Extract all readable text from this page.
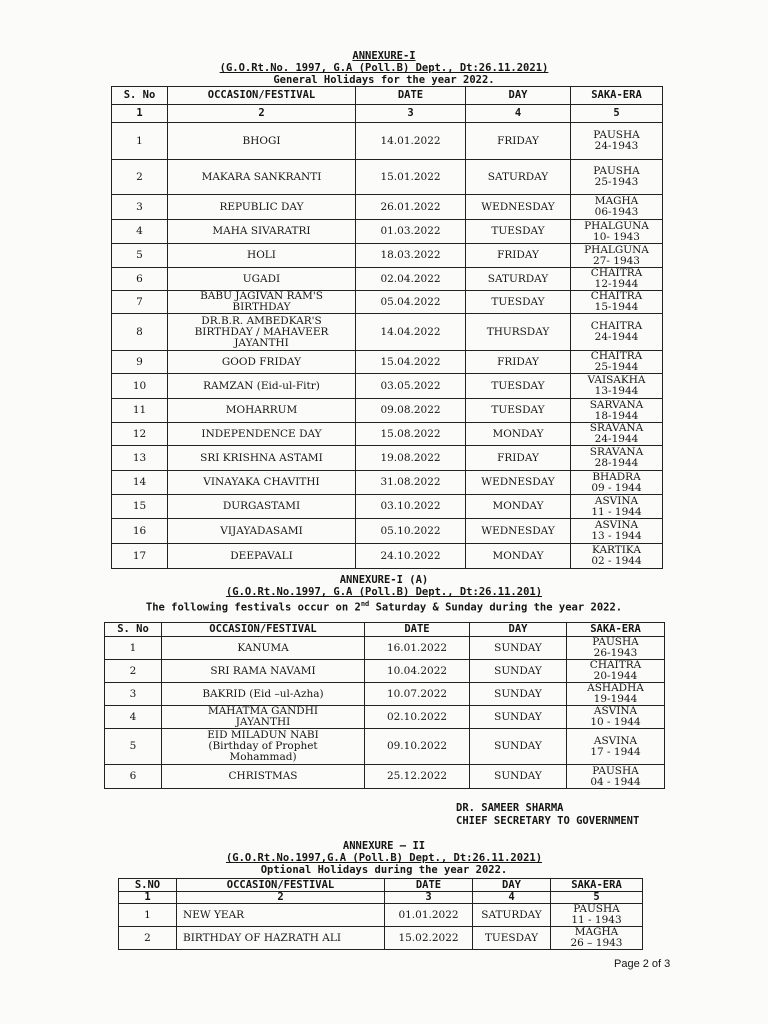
ANNEXURE-I
(G.O.Rt.No. 1997, G.A (Poll.B) Dept., Dt:26.11.2021)
General Holidays for the year 2022.
S. No	OCCASION/FESTIVAL	DATE	DAY	SAKA-ERA
1	2	3	4	5
1	BHOGI	14.01.2022	FRIDAY	PAUSHA
24-1943
2	MAKARA SANKRANTI	15.01.2022	SATURDAY	PAUSHA
25-1943
3	REPUBLIC DAY	26.01.2022	WEDNESDAY	MAGHA
06-1943
4	MAHA SIVARATRI	01.03.2022	TUESDAY	PHALGUNA
10- 1943
5	HOLI	18.03.2022	FRIDAY	PHALGUNA
27- 1943
6	UGADI	02.04.2022	SATURDAY	CHAITRA
12-1944
7	BABU JAGIVAN RAM'S
BIRTHDAY	05.04.2022	TUESDAY	CHAITRA
15-1944
8	DR.B.R. AMBEDKAR'S
BIRTHDAY / MAHAVEER
JAYANTHI	14.04.2022	THURSDAY	CHAITRA
24-1944
9	GOOD FRIDAY	15.04.2022	FRIDAY	CHAITRA
25-1944
10	RAMZAN (Eid-ul-Fitr)	03.05.2022	TUESDAY	VAISAKHA
13-1944
11	MOHARRUM	09.08.2022	TUESDAY	SARVANA
18-1944
12	INDEPENDENCE DAY	15.08.2022	MONDAY	SRAVANA
24-1944
13	SRI KRISHNA ASTAMI	19.08.2022	FRIDAY	SRAVANA
28-1944
14	VINAYAKA CHAVITHI	31.08.2022	WEDNESDAY	BHADRA
09 - 1944
15	DURGASTAMI	03.10.2022	MONDAY	ASVINA
11 - 1944
16	VIJAYADASAMI	05.10.2022	WEDNESDAY	ASVINA
13 - 1944
17	DEEPAVALI	24.10.2022	MONDAY	KARTIKA
02 - 1944
ANNEXURE-I (A)
(G.O.Rt.No.1997, G.A (Poll.B) Dept., Dt:26.11.201)
The following festivals occur on 2nd Saturday & Sunday during the year 2022.
S. No	OCCASION/FESTIVAL	DATE	DAY	SAKA-ERA
1	KANUMA	16.01.2022	SUNDAY	PAUSHA
26-1943
2	SRI RAMA NAVAMI	10.04.2022	SUNDAY	CHAITRA
20-1944
3	BAKRID (Eid –ul-Azha)	10.07.2022	SUNDAY	ASHADHA
19-1944
4	MAHATMA GANDHI
JAYANTHI	02.10.2022	SUNDAY	ASVINA
10 - 1944
5	EID MILADUN NABI
(Birthday of Prophet
Mohammad)	09.10.2022	SUNDAY	ASVINA
17 - 1944
6	CHRISTMAS	25.12.2022	SUNDAY	PAUSHA
04 - 1944
DR. SAMEER SHARMA
CHIEF SECRETARY TO GOVERNMENT
ANNEXURE – II
(G.O.Rt.No.1997,G.A (Poll.B) Dept., Dt:26.11.2021)
Optional Holidays during the year 2022.
S.NO	OCCASION/FESTIVAL	DATE	DAY	SAKA-ERA
1	2	3	4	5
1	NEW YEAR	01.01.2022	SATURDAY	PAUSHA
11 - 1943
2	BIRTHDAY OF HAZRATH ALI	15.02.2022	TUESDAY	MAGHA
26 – 1943
Page 2 of 3
